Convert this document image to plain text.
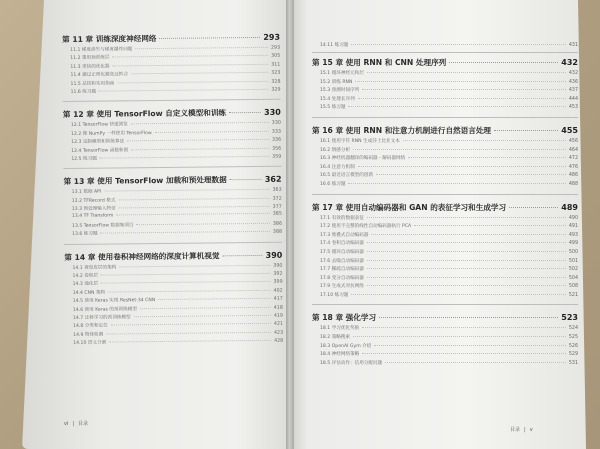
第 11 章 训练深度神经网络	293
11.1 梯度消失与梯度爆炸问题	293
11.2 重用预训练层	305
11.3 更快的优化器	311
11.4 通过正则化避免过拟合	323
11.5 总结和实用指南	328
11.6 练习题	329
第 12 章 使用 TensorFlow 自定义模型和训练	330
12.1 TensorFlow 快速浏览	330
12.2 像 NumPy 一样使用 TensorFlow	333
12.3 定制模型和训练算法	336
12.4 TensorFlow 函数和图	356
12.5 练习题	359
第 13 章 使用 TensorFlow 加载和预处理数据	362
13.1 数据 API	363
13.2 TFRecord 格式	372
13.3 预处理输入特征	377
13.4 TF Transform	385
13.5 TensorFlow 数据集项目	386
13.6 练习题	388
第 14 章 使用卷积神经网络的深度计算机视觉	390
14.1 视觉皮层的架构	390
14.2 卷积层	392
14.3 池化层	399
14.4 CNN 架构	402
14.5 使用 Keras 实现 ResNet-34 CNN	417
14.6 使用 Keras 的预训练模型	418
14.7 迁移学习的预训练模型	419
14.8 分类和定位	421
14.9 物体检测	423
14.10 语义分割	428
14.11 练习题	431
第 15 章 使用 RNN 和 CNN 处理序列	432
15.1 循环神经元和层	432
15.2 训练 RNN	436
15.3 预测时间序列	437
15.4 处理长序列	444
15.5 练习题	453
第 16 章 使用 RNN 和注意力机制进行自然语言处理	455
16.1 使用字符 RNN 生成莎士比亚文本	456
16.2 情感分析	464
16.3 神经机器翻译的编码器 - 解码器网络	472
16.4 注意力机制	476
16.5 最近语言模型的创新	486
16.6 练习题	488
第 17 章 使用自动编码器和 GAN 的表征学习和生成学习	489
17.1 有效的数据表征	490
17.2 使用不完整的线性自动编码器执行 PCA	491
17.3 堆叠式自动编码器	493
17.4 卷积自动编码器	499
17.5 循环自动编码器	500
17.6 去噪自动编码器	501
17.7 稀疏自动编码器	502
17.8 变分自动编码器	504
17.9 生成式对抗网络	508
17.10 练习题	521
第 18 章 强化学习	523
18.1 学习优化奖励	524
18.2 策略搜索	525
18.3 OpenAI Gym 介绍	526
18.4 神经网络策略	529
18.5 评估动作：信用分配问题	531
vi | 目录
目录 | v
